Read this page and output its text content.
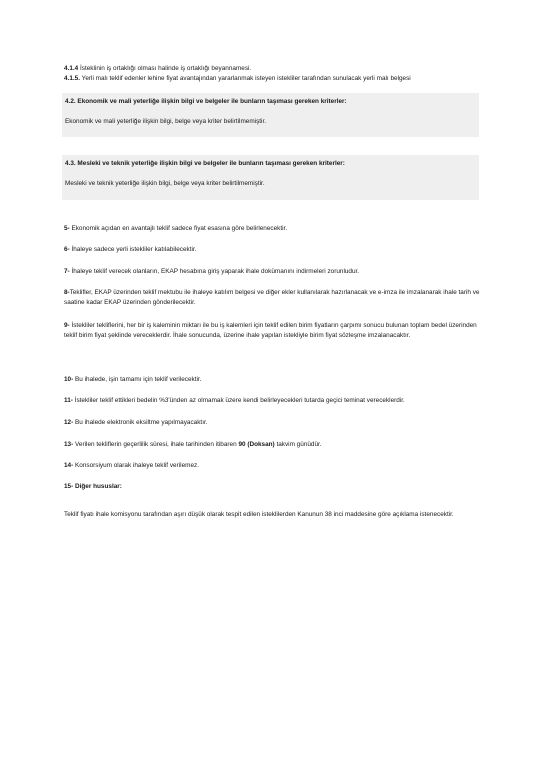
4.1.4 İsteklinin iş ortaklığı olması halinde iş ortaklığı beyannamesi.
4.1.5. Yerli malı teklif edenler lehine fiyat avantajından yararlanmak isteyen istekliler tarafından sunulacak yerli malı belgesi
4.2. Ekonomik ve mali yeterliğe ilişkin bilgi ve belgeler ile bunların taşıması gereken kriterler:
Ekonomik ve mali yeterliğe ilişkin bilgi, belge veya kriter belirtilmemiştir.
4.3. Mesleki ve teknik yeterliğe ilişkin bilgi ve belgeler ile bunların taşıması gereken kriterler:
Mesleki ve teknik yeterliğe ilişkin bilgi, belge veya kriter belirtilmemiştir.
5- Ekonomik açıdan en avantajlı teklif sadece fiyat esasına göre belirlenecektir.
6- İhaleye sadece yerli istekliler katılabilecektir.
7- İhaleye teklif verecek olanların, EKAP hesabına giriş yaparak ihale dokümanını indirmeleri zorunludur.
8-Teklifler, EKAP üzerinden teklif mektubu ile ihaleye katılım belgesi ve diğer ekler kullanılarak hazırlanacak ve e-imza ile imzalanarak ihale tarih ve saatine kadar EKAP üzerinden gönderilecektir.
9- İstekliler tekliflerini, her bir iş kaleminin miktarı ile bu iş kalemleri için teklif edilen birim fiyatların çarpımı sonucu bulunan toplam bedel üzerinden teklif birim fiyat şeklinde vereceklerdir. İhale sonucunda, üzerine ihale yapılan istekliyle birim fiyat sözleşme imzalanacaktır.
10- Bu ihalede, işin tamamı için teklif verilecektir.
11- İstekliler teklif ettikleri bedelin %3'ünden az olmamak üzere kendi belirleyecekleri tutarda geçici teminat vereceklerdir.
12- Bu ihalede elektronik eksiltme yapılmayacaktır.
13- Verilen tekliflerin geçerlilik süresi, ihale tarihinden itibaren 90 (Doksan) takvim günüdür.
14- Konsorsiyum olarak ihaleye teklif verilemez.
15- Diğer hususlar:
Teklif fiyatı ihale komisyonu tarafından aşırı düşük olarak tespit edilen isteklilerden Kanunun 38 inci maddesine göre açıklama istenecektir.
